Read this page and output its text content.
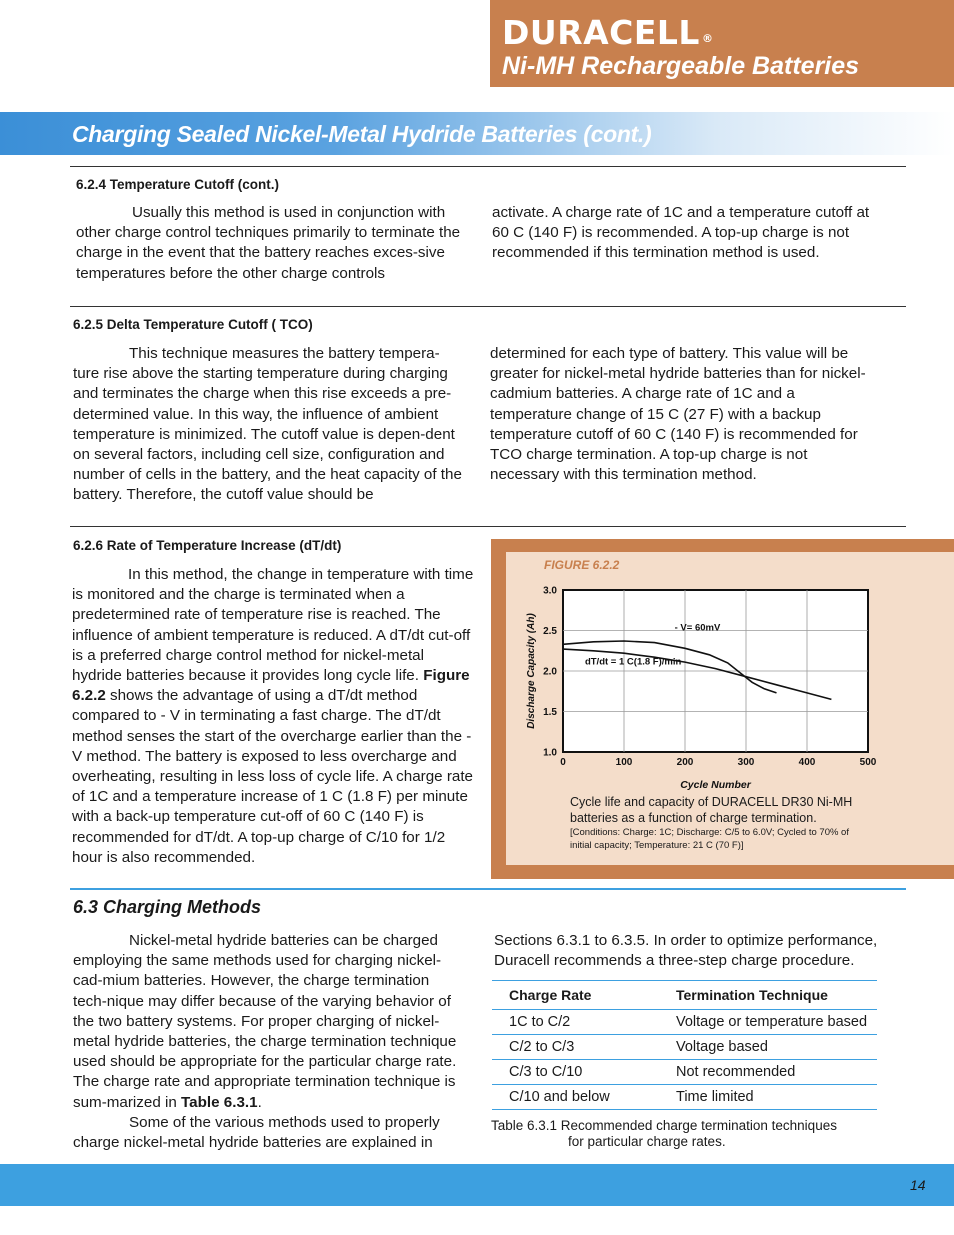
DURACELL ®
Ni-MH Rechargeable Batteries
Charging Sealed Nickel-Metal Hydride Batteries (cont.)
6.2.4 Temperature Cutoff (cont.)

Usually this method is used in conjunction with other charge control techniques primarily to terminate the charge in the event that the battery reaches exces-sive temperatures before the other charge controls

activate. A charge rate of 1C and a temperature cutoff at 60 C (140 F) is recommended. A top-up charge is not recommended if this termination method is used.

6.2.5 Delta Temperature Cutoff ( TCO)

This technique measures the battery tempera-ture rise above the starting temperature during charging and terminates the charge when this rise exceeds a pre-determined value. In this way, the influence of ambient temperature is minimized. The cutoff value is depen-dent on several factors, including cell size, configuration and number of cells in the battery, and the heat capacity of the battery. Therefore, the cutoff value should be

determined for each type of battery. This value will be greater for nickel-metal hydride batteries than for nickel-cadmium batteries. A charge rate of 1C and a temperature change of 15 C (27 F) with a backup temperature cutoff of 60 C (140 F) is recommended for TCO charge termination. A top-up charge is not necessary with this termination method.

6.2.6 Rate of Temperature Increase (dT/dt)

In this method, the change in temperature with time is monitored and the charge is terminated when a predetermined rate of temperature rise is reached. The influence of ambient temperature is reduced. A dT/dt cut-off is a preferred charge control method for nickel-metal hydride batteries because it provides long cycle life. Figure 6.2.2 shows the advantage of using a dT/dt method compared to - V in terminating a fast charge. The dT/dt method senses the start of the overcharge earlier than the - V method. The battery is exposed to less overcharge and overheating, resulting in less loss of cycle life. A charge rate of 1C and a temperature increase of 1 C (1.8 F) per minute with a back-up temperature cut-off of 60 C (140 F) is recommended for dT/dt. A top-up charge of C/10 for 1/2 hour is also recommended.

FIGURE 6.2.2
1.0
1.5
2.0
2.5
3.0
0	100	200	300	400	500
Cycle Number
Discharge Capacity (Ah)	- V= 60mV
dT/dt = 1 C(1.8 F)/min
Cycle life and capacity of DURACELL DR30 Ni-MH batteries as a function of charge termination.
[Conditions: Charge: 1C; Discharge: C/5 to 6.0V; Cycled to 70% of initial capacity; Temperature: 21 C (70 F)]
6.3 Charging Methods

Nickel-metal hydride batteries can be charged employing the same methods used for charging nickel-cad-mium batteries. However, the charge termination tech-nique may differ because of the varying behavior of the two battery systems. For proper charging of nickel-metal hydride batteries, the charge termination technique used should be appropriate for the particular charge rate. The charge rate and appropriate termination technique is sum-marized in Table 6.3.1.
Some of the various methods used to properly charge nickel-metal hydride batteries are explained in

Sections 6.3.1 to 6.3.5. In order to optimize performance, Duracell recommends a three-step charge procedure.

Charge Rate	Termination Technique
1C to C/2	Voltage or temperature based
C/2 to C/3	Voltage based
C/3 to C/10	Not recommended
C/10 and below	Time limited
Table 6.3.1 Recommended charge termination techniques
for particular charge rates.
14
